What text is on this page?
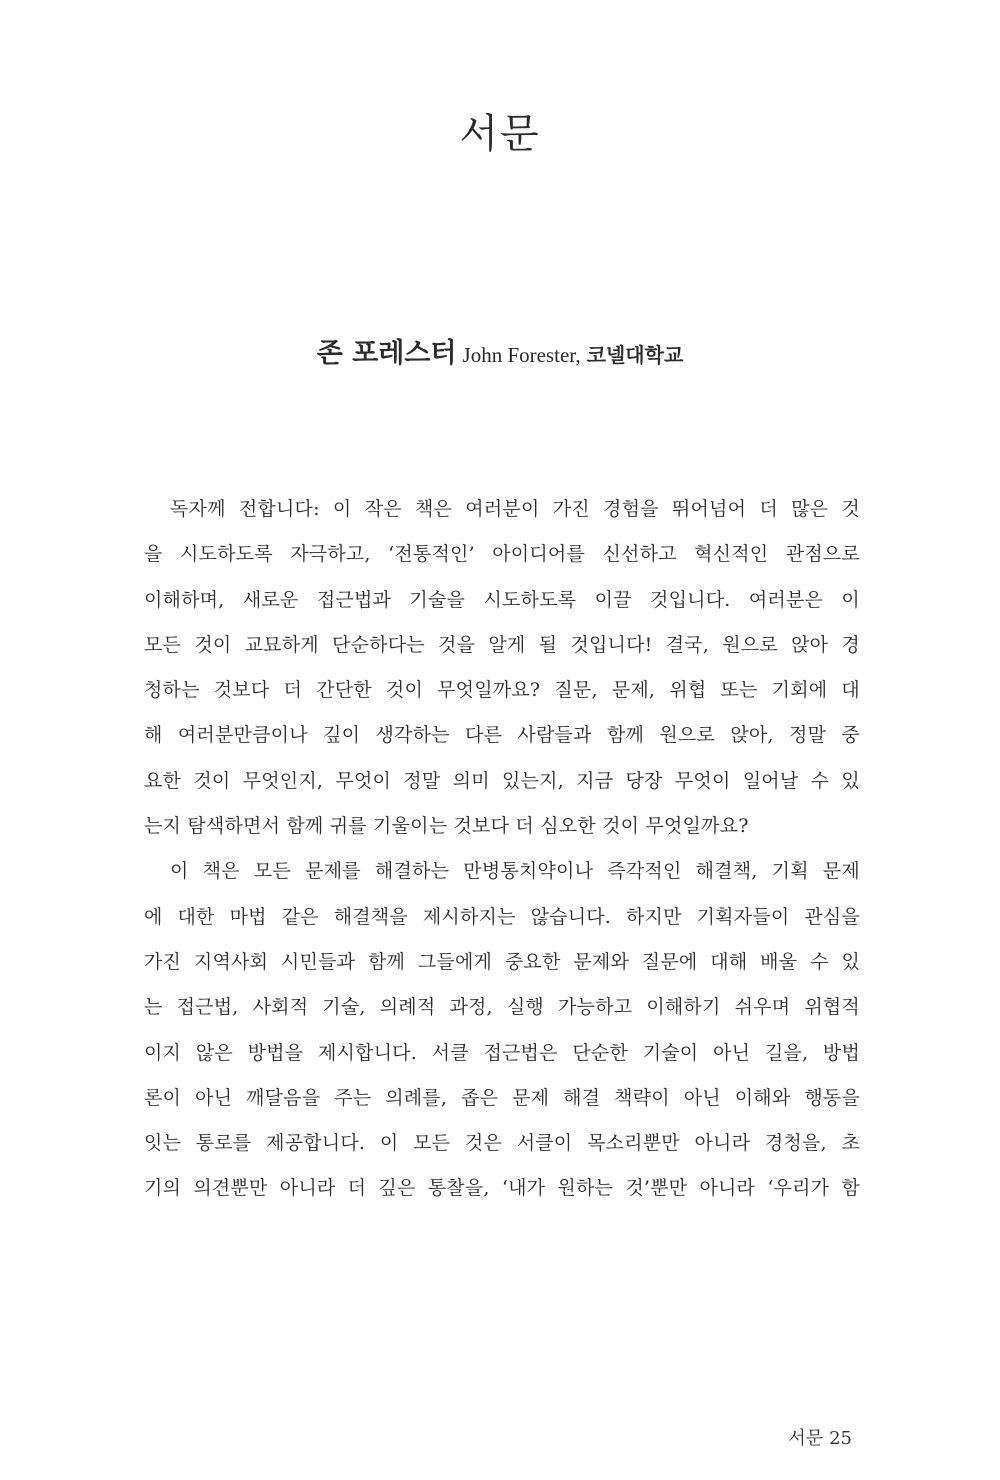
서문
존 포레스터 John Forester, 코넬대학교
독자께 전합니다: 이 작은 책은 여러분이 가진 경험을 뛰어넘어 더 많은 것
을 시도하도록 자극하고, ‘전통적인’ 아이디어를 신선하고 혁신적인 관점으로
이해하며, 새로운 접근법과 기술을 시도하도록 이끌 것입니다. 여러분은 이
모든 것이 교묘하게 단순하다는 것을 알게 될 것입니다! 결국, 원으로 앉아 경
청하는 것보다 더 간단한 것이 무엇일까요? 질문, 문제, 위협 또는 기회에 대
해 여러분만큼이나 깊이 생각하는 다른 사람들과 함께 원으로 앉아, 정말 중
요한 것이 무엇인지, 무엇이 정말 의미 있는지, 지금 당장 무엇이 일어날 수 있
는지 탐색하면서 함께 귀를 기울이는 것보다 더 심오한 것이 무엇일까요?
이 책은 모든 문제를 해결하는 만병통치약이나 즉각적인 해결책, 기획 문제
에 대한 마법 같은 해결책을 제시하지는 않습니다. 하지만 기획자들이 관심을
가진 지역사회 시민들과 함께 그들에게 중요한 문제와 질문에 대해 배울 수 있
는 접근법, 사회적 기술, 의례적 과정, 실행 가능하고 이해하기 쉬우며 위협적
이지 않은 방법을 제시합니다. 서클 접근법은 단순한 기술이 아닌 길을, 방법
론이 아닌 깨달음을 주는 의례를, 좁은 문제 해결 책략이 아닌 이해와 행동을
잇는 통로를 제공합니다. 이 모든 것은 서클이 목소리뿐만 아니라 경청을, 초
기의 의견뿐만 아니라 더 깊은 통찰을, ‘내가 원하는 것’뿐만 아니라 ‘우리가 함
서문 25
